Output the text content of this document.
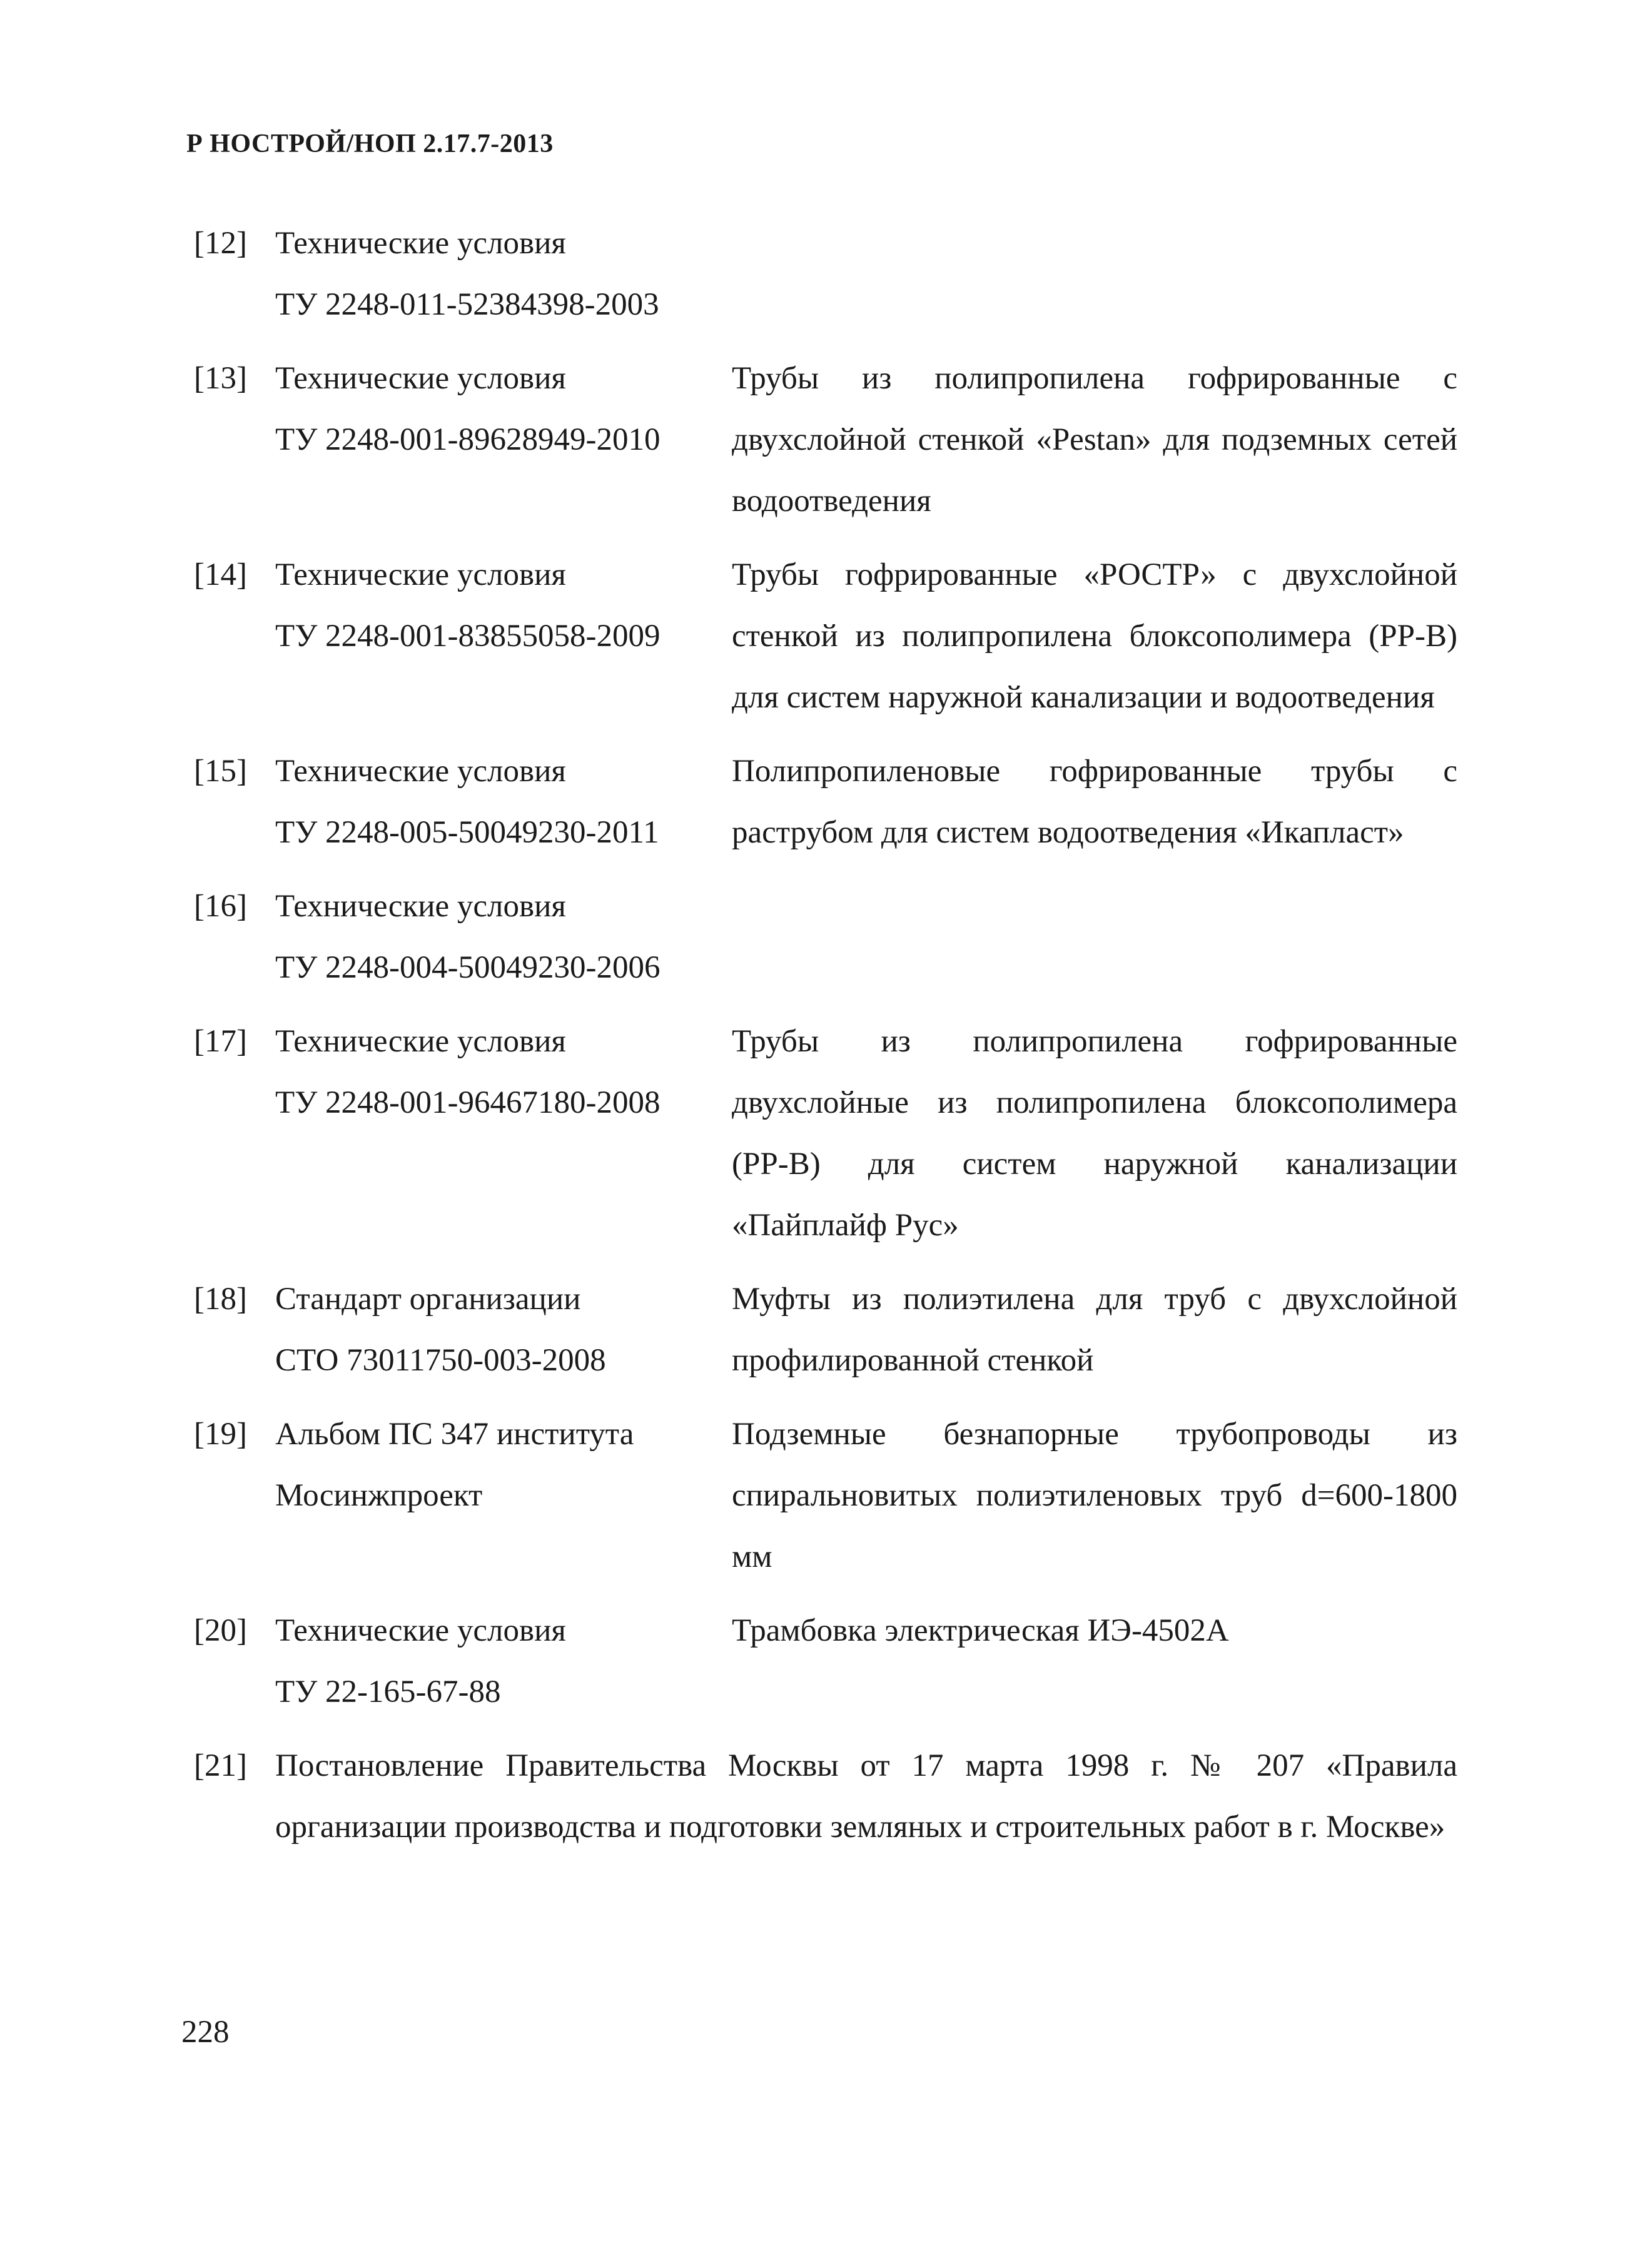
Р НОСТРОЙ/НОП 2.17.7-2013
[12] Технические условия
ТУ 2248-011-52384398-2003
[13] Технические условия
ТУ 2248-001-89628949-2010
Трубы из полипропилена гофрированные с двухслойной стенкой «Pestan» для подземных сетей водоотведения
[14] Технические условия
ТУ 2248-001-83855058-2009
Трубы гофрированные «РОСТР» с двухслойной стенкой из полипропилена блоксополимера (PP-B) для систем наружной канализации и водоотведения
[15] Технические условия
ТУ 2248-005-50049230-2011
Полипропиленовые гофрированные трубы с раструбом для систем водоотведения «Икапласт»
[16] Технические условия
ТУ 2248-004-50049230-2006
[17] Технические условия
ТУ 2248-001-96467180-2008
Трубы из полипропилена гофрированные двухслойные из полипропилена блоксополимера (PP-B) для систем наружной канализации «Пайплайф Рус»
[18] Стандарт организации
СТО 73011750-003-2008
Муфты из полиэтилена для труб с двухслойной профилированной стенкой
[19] Альбом ПС 347 института
Мосинжпроект
Подземные безнапорные трубопроводы из спиральновитых полиэтиленовых труб d=600-1800 мм
[20] Технические условия
ТУ 22-165-67-88
Трамбовка электрическая ИЭ-4502А
[21] Постановление Правительства Москвы от 17 марта 1998 г. № 207 «Правила организации производства и подготовки земляных и строительных работ в г. Москве»
228
